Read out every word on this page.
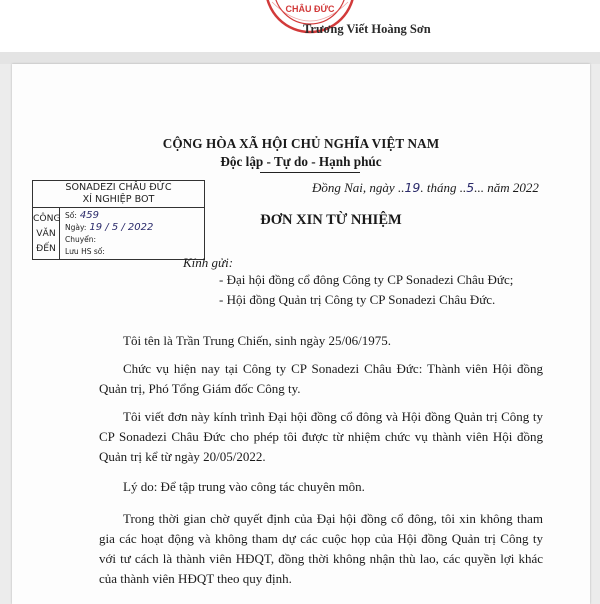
CHÂU ĐỨC
Trương Viết Hoàng Sơn
CỘNG HÒA XÃ HỘI CHỦ NGHĨA VIỆT NAM
Độc lập - Tự do - Hạnh phúc
Đồng Nai, ngày ..19. tháng ..5... năm 2022
SONADEZI CHÂU ĐỨC
XÍ NGHIỆP BOT
CÔNG
VĂN
ĐẾN
Số: 459
Ngày: 19 / 5 / 2022
Chuyển:
Lưu HS số:
ĐƠN XIN TỪ NHIỆM
Kính gửi:
- Đại hội đồng cổ đông Công ty CP Sonadezi Châu Đức;
- Hội đồng Quản trị Công ty CP Sonadezi Châu Đức.
Tôi tên là Trần Trung Chiến, sinh ngày 25/06/1975.
Chức vụ hiện nay tại Công ty CP Sonadezi Châu Đức: Thành viên Hội đồng Quản trị, Phó Tổng Giám đốc Công ty.
Tôi viết đơn này kính trình Đại hội đồng cổ đông và Hội đồng Quản trị Công ty CP Sonadezi Châu Đức cho phép tôi được từ nhiệm chức vụ thành viên Hội đồng Quản trị kể từ ngày 20/05/2022.
Lý do: Để tập trung vào công tác chuyên môn.
Trong thời gian chờ quyết định của Đại hội đồng cổ đông, tôi xin không tham gia các hoạt động và không tham dự các cuộc họp của Hội đồng Quản trị Công ty với tư cách là thành viên HĐQT, đồng thời không nhận thù lao, các quyền lợi khác của thành viên HĐQT theo quy định.
